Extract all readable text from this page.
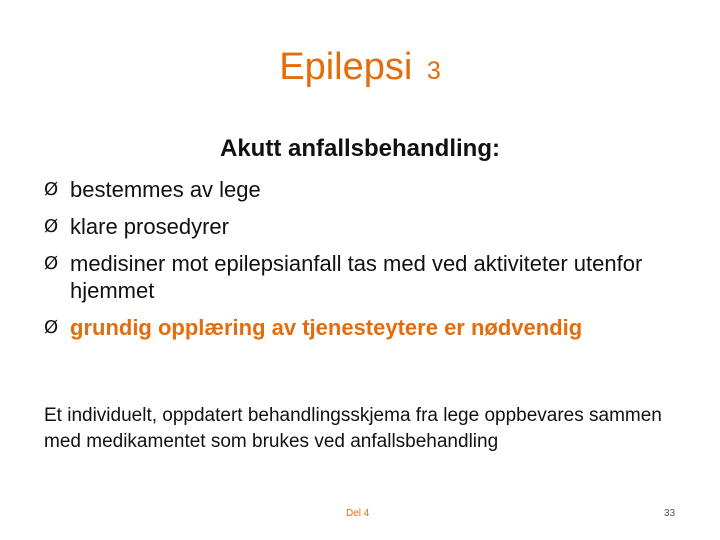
Epilepsi 3
Akutt anfallsbehandling:
Ø bestemmes av lege
Ø klare prosedyrer
Ø medisiner mot epilepsianfall tas med ved aktiviteter utenfor hjemmet
Ø grundig opplæring av tjenesteytere er nødvendig
Et individuelt, oppdatert behandlingsskjema fra lege oppbevares sammen med medikamentet som brukes ved anfallsbehandling
Del 4	33
